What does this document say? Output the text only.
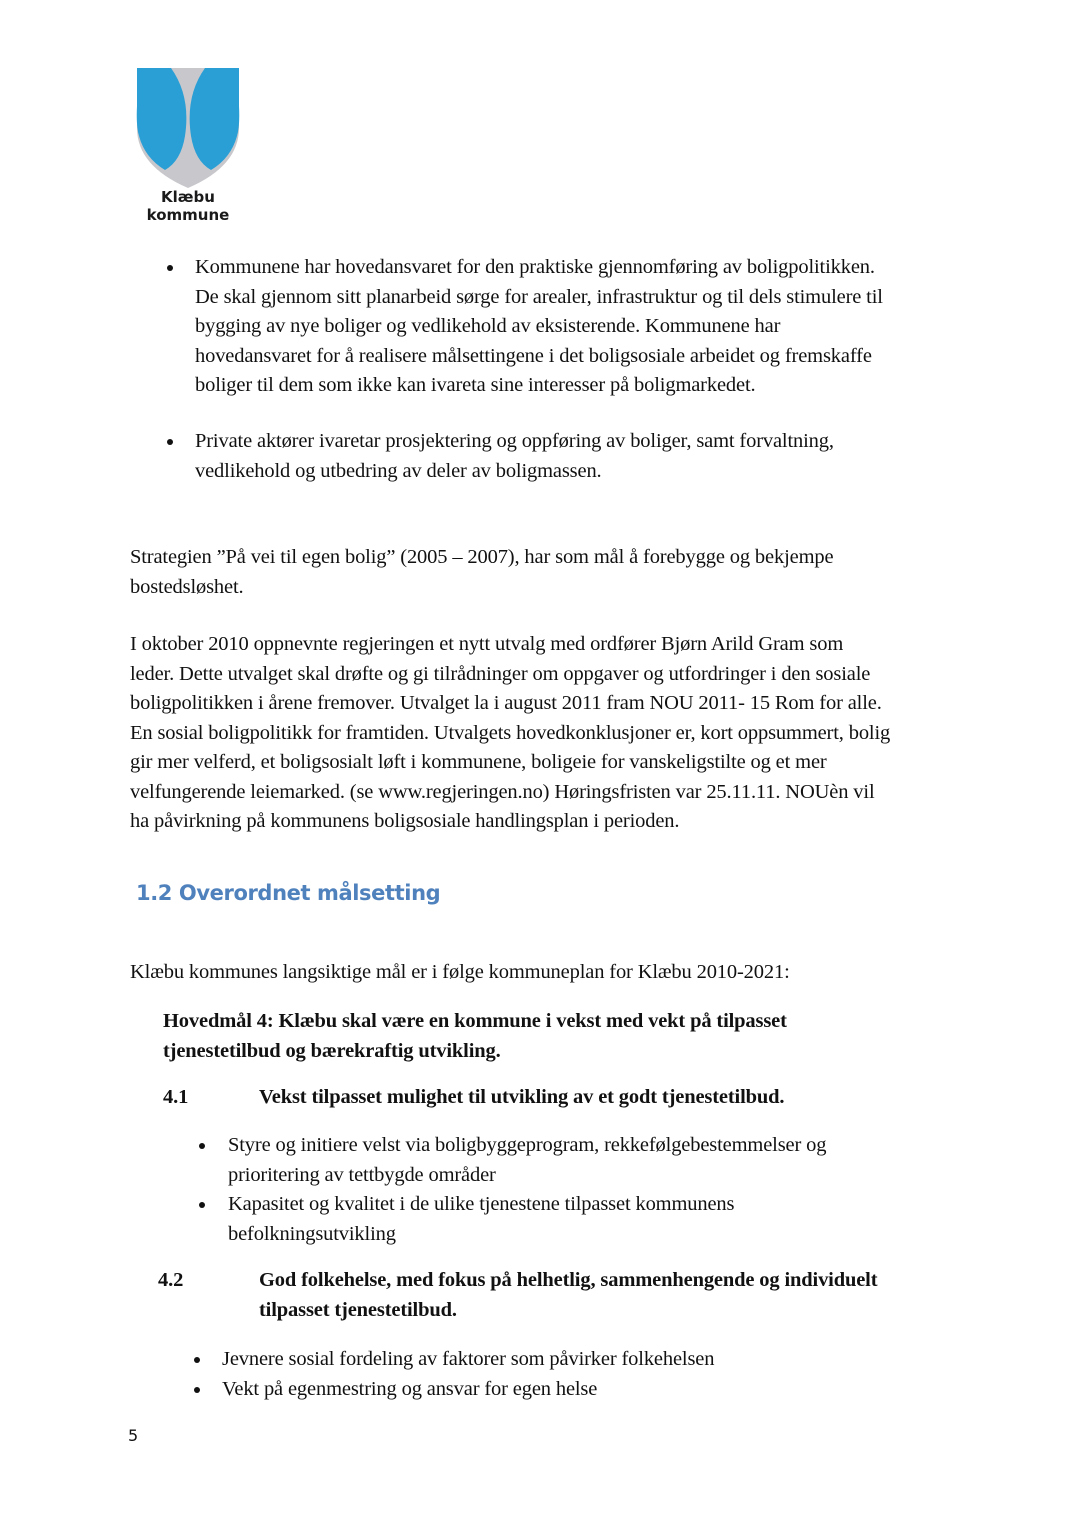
Klæbu
kommune
Kommunene har hovedansvaret for den praktiske gjennomføring av boligpolitikken.
De skal gjennom sitt planarbeid sørge for arealer, infrastruktur og til dels stimulere til
bygging av nye boliger og vedlikehold av eksisterende. Kommunene har
hovedansvaret for å realisere målsettingene i det boligsosiale arbeidet og fremskaffe
boliger til dem som ikke kan ivareta sine interesser på boligmarkedet.
Private aktører ivaretar prosjektering og oppføring av boliger, samt forvaltning,
vedlikehold og utbedring av deler av boligmassen.
Strategien ”På vei til egen bolig” (2005 – 2007), har som mål å forebygge og bekjempe
bostedsløshet.
I oktober 2010 oppnevnte regjeringen et nytt utvalg med ordfører Bjørn Arild Gram som
leder. Dette utvalget skal drøfte og gi tilrådninger om oppgaver og utfordringer i den sosiale
boligpolitikken i årene fremover. Utvalget la i august 2011 fram NOU 2011- 15 Rom for alle.
En sosial boligpolitikk for framtiden. Utvalgets hovedkonklusjoner er, kort oppsummert, bolig
gir mer velferd, et boligsosialt løft i kommunene, boligeie for vanskeligstilte og et mer
velfungerende leiemarked. (se www.regjeringen.no) Høringsfristen var 25.11.11. NOUèn vil
ha påvirkning på kommunens boligsosiale handlingsplan i perioden.
1.2 Overordnet målsetting
Klæbu kommunes langsiktige mål er i følge kommuneplan for Klæbu 2010-2021:
Hovedmål 4: Klæbu skal være en kommune i vekst med vekt på tilpasset
tjenestetilbud og bærekraftig utvikling.
4.1	Vekst tilpasset mulighet til utvikling av et godt tjenestetilbud.
Styre og initiere velst via boligbyggeprogram, rekkefølgebestemmelser og
prioritering av tettbygde områder
Kapasitet og kvalitet i de ulike tjenestene tilpasset kommunens
befolkningsutvikling
4.2	God folkehelse, med fokus på helhetlig, sammenhengende og individuelt
tilpasset tjenestetilbud.
Jevnere sosial fordeling av faktorer som påvirker folkehelsen
Vekt på egenmestring og ansvar for egen helse
5
